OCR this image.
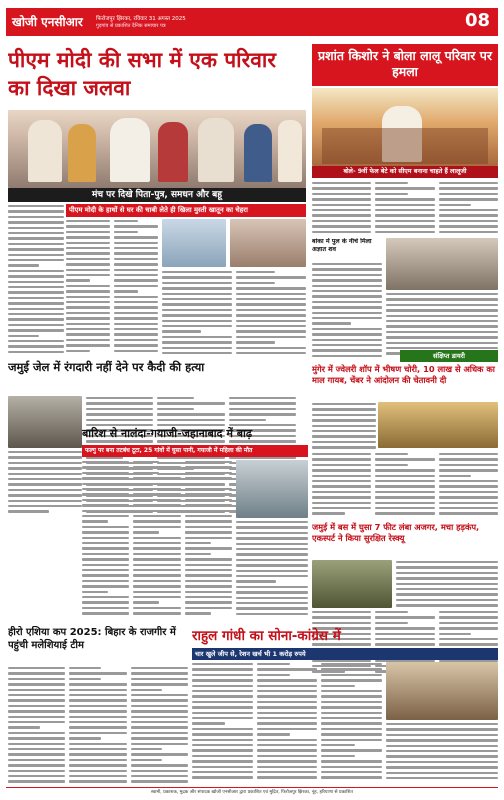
खोजी एनसीआर फिरोजपुर झिरका, रविवार 31 अगस्त 2025
गुड़गांव से प्रकाशित दैनिक समाचार पत्र	08
पीएम मोदी की सभा में एक परिवार का दिखा जलवा
मंच पर दिखे पिता-पुत्र, समधन और बहू
पीएम मोदी के हाथों से घर की चाबी लेते ही खिला मुस्ती खातून का चेहरा
प्रशांत किशोर ने बोला लालू परिवार पर हमला
बोले- 9वीं फेल बेटे को सीएम बनाना चाहते हैं लालूजी
बांका में पुल के नीचे मिला अज्ञात शव
संक्षिप्त डायरी
मुंगेर में ज्वेलरी शॉप में भीषण चोरी, 10 लाख से अधिक का माल गायब, चेंबर ने आंदोलन की चेतावनी दी
जमुई जेल में रंगदारी नहीं देने पर कैदी की हत्या
बारिश से नालंदा-गयाजी-जहानाबाद में बाढ़
फल्गु पर बना तटबंध टूटा, 25 गांवों में घुसा पानी, गयाजी में महिला की मौत
जमुई में बस में घुसा 7 फीट लंबा अजगर, मचा हड़कंप, एकस्पर्ट ने किया सुरक्षित रेस्क्यू
हीरो एशिया कप 2025: बिहार के राजगीर में पहुंची मलेशियाई टीम
राहुल गांधी का सोना-कांग्रेस में
चार खुले जीप से, रेशन खर्च भी 1 करोड़ रुपये
स्वामी, प्रकाशक, मुद्रक और संपादक खोजी एनसीआर द्वारा प्रकाशित एवं मुद्रित, फिरोजपुर झिरका, नूंह, हरियाणा से प्रकाशित
